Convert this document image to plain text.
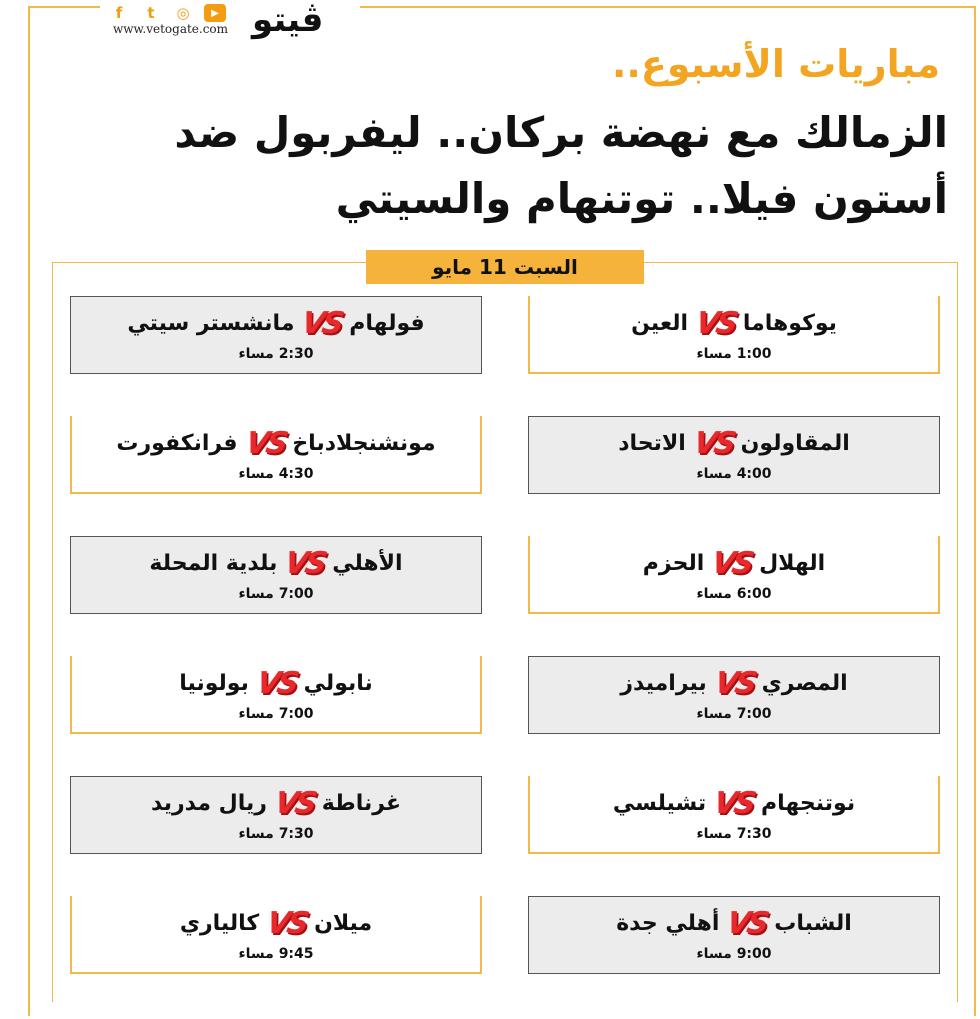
f	t	◎	▶
www.vetogate.com ڤيتو
مباريات الأسبوع..
الزمالك مع نهضة بركان.. ليفربول ضد أستون فيلا.. توتنهام والسيتي
السبت 11 مايو
يوكوهاما
VS
العين
1:00 مساء
المقاولون
VS
الاتحاد
4:00 مساء
الهلال
VS
الحزم
6:00 مساء
المصري
VS
بيراميدز
7:00 مساء
نوتنجهام
VS
تشيلسي
7:30 مساء
الشباب
VS
أهلي جدة
9:00 مساء
فولهام
VS
مانشستر سيتي
2:30 مساء
مونشنجلادباخ
VS
فرانكفورت
4:30 مساء
الأهلي
VS
بلدية المحلة
7:00 مساء
نابولي
VS
بولونيا
7:00 مساء
غرناطة
VS
ريال مدريد
7:30 مساء
ميلان
VS
كالياري
9:45 مساء
